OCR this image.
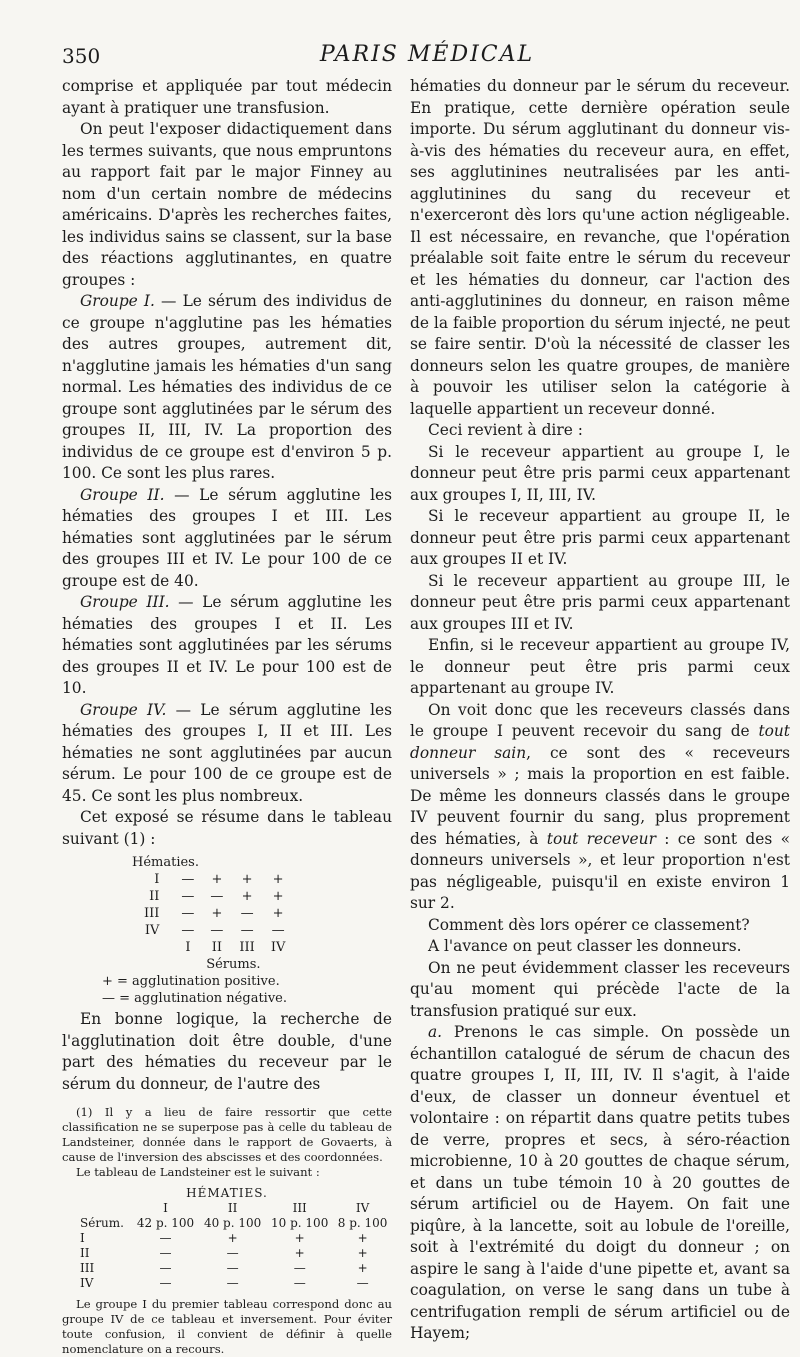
350	PARIS MÉDICAL

comprise et appliquée par tout médecin ayant à pratiquer une transfusion.

On peut l'exposer didactiquement dans les termes suivants, que nous empruntons au rapport fait par le major Finney au nom d'un certain nombre de médecins américains. D'après les recherches faites, les individus sains se classent, sur la base des réactions agglutinantes, en quatre groupes :

Groupe I. — Le sérum des individus de ce groupe n'agglutine pas les hématies des autres groupes, autrement dit, n'agglutine jamais les hématies d'un sang normal. Les hématies des individus de ce groupe sont agglutinées par le sérum des groupes II, III, IV. La proportion des individus de ce groupe est d'environ 5 p. 100. Ce sont les plus rares.

Groupe II. — Le sérum agglutine les hématies des groupes I et III. Les hématies sont agglutinées par le sérum des groupes III et IV. Le pour 100 de ce groupe est de 40.

Groupe III. — Le sérum agglutine les hématies des groupes I et II. Les hématies sont agglutinées par les sérums des groupes II et IV. Le pour 100 est de 10.

Groupe IV. — Le sérum agglutine les hématies des groupes I, II et III. Les hématies ne sont agglutinées par aucun sérum. Le pour 100 de ce groupe est de 45. Ce sont les plus nombreux.

Cet exposé se résume dans le tableau suivant (1) :

Hématies.
I	—	+	+	+
II	—	—	+	+
III	—	+	—	+
IV	—	—	—	—
	I	II	III	IV
	Sérums.			
+ = agglutination positive.
— = agglutination négative.

En bonne logique, la recherche de l'agglutination doit être double, d'une part des hématies du receveur par le sérum du donneur, de l'autre des

(1) Il y a lieu de faire ressortir que cette classification ne se superpose pas à celle du tableau de Landsteiner, donnée dans le rapport de Govaerts, à cause de l'inversion des abscisses et des coordonnées.

Le tableau de Landsteiner est le suivant :

HÉMATIES.
	I	II	III	IV
Sérum.	42 p. 100	40 p. 100	10 p. 100	8 p. 100
I	—	+	+	+
II	—	—	+	+
III	—	—	—	+
IV	—	—	—	—

Le groupe I du premier tableau correspond donc au groupe IV de ce tableau et inversement. Pour éviter toute confusion, il convient de définir à quelle nomenclature on a recours.

hématies du donneur par le sérum du receveur. En pratique, cette dernière opération seule importe. Du sérum agglutinant du donneur vis-à-vis des hématies du receveur aura, en effet, ses agglutinines neutralisées par les anti-agglutinines du sang du receveur et n'exerceront dès lors qu'une action négligeable. Il est nécessaire, en revanche, que l'opération préalable soit faite entre le sérum du receveur et les hématies du donneur, car l'action des anti-agglutinines du donneur, en raison même de la faible proportion du sérum injecté, ne peut se faire sentir. D'où la nécessité de classer les donneurs selon les quatre groupes, de manière à pouvoir les utiliser selon la catégorie à laquelle appartient un receveur donné.

Ceci revient à dire :

Si le receveur appartient au groupe I, le donneur peut être pris parmi ceux appartenant aux groupes I, II, III, IV.

Si le receveur appartient au groupe II, le donneur peut être pris parmi ceux appartenant aux groupes II et IV.

Si le receveur appartient au groupe III, le donneur peut être pris parmi ceux appartenant aux groupes III et IV.

Enfin, si le receveur appartient au groupe IV, le donneur peut être pris parmi ceux appartenant au groupe IV.

On voit donc que les receveurs classés dans le groupe I peuvent recevoir du sang de tout donneur sain, ce sont des « receveurs universels » ; mais la proportion en est faible. De même les donneurs classés dans le groupe IV peuvent fournir du sang, plus proprement des hématies, à tout receveur : ce sont des « donneurs universels », et leur proportion n'est pas négligeable, puisqu'il en existe environ 1 sur 2.

Comment dès lors opérer ce classement?

A l'avance on peut classer les donneurs.

On ne peut évidemment classer les receveurs qu'au moment qui précède l'acte de la transfusion pratiqué sur eux.

a. Prenons le cas simple. On possède un échantillon catalogué de sérum de chacun des quatre groupes I, II, III, IV. Il s'agit, à l'aide d'eux, de classer un donneur éventuel et volontaire : on répartit dans quatre petits tubes de verre, propres et secs, à séro-réaction microbienne, 10 à 20 gouttes de chaque sérum, et dans un tube témoin 10 à 20 gouttes de sérum artificiel ou de Hayem. On fait une piqûre, à la lancette, soit au lobule de l'oreille, soit à l'extrémité du doigt du donneur ; on aspire le sang à l'aide d'une pipette et, avant sa coagulation, on verse le sang dans un tube à centrifugation rempli de sérum artificiel ou de Hayem;
